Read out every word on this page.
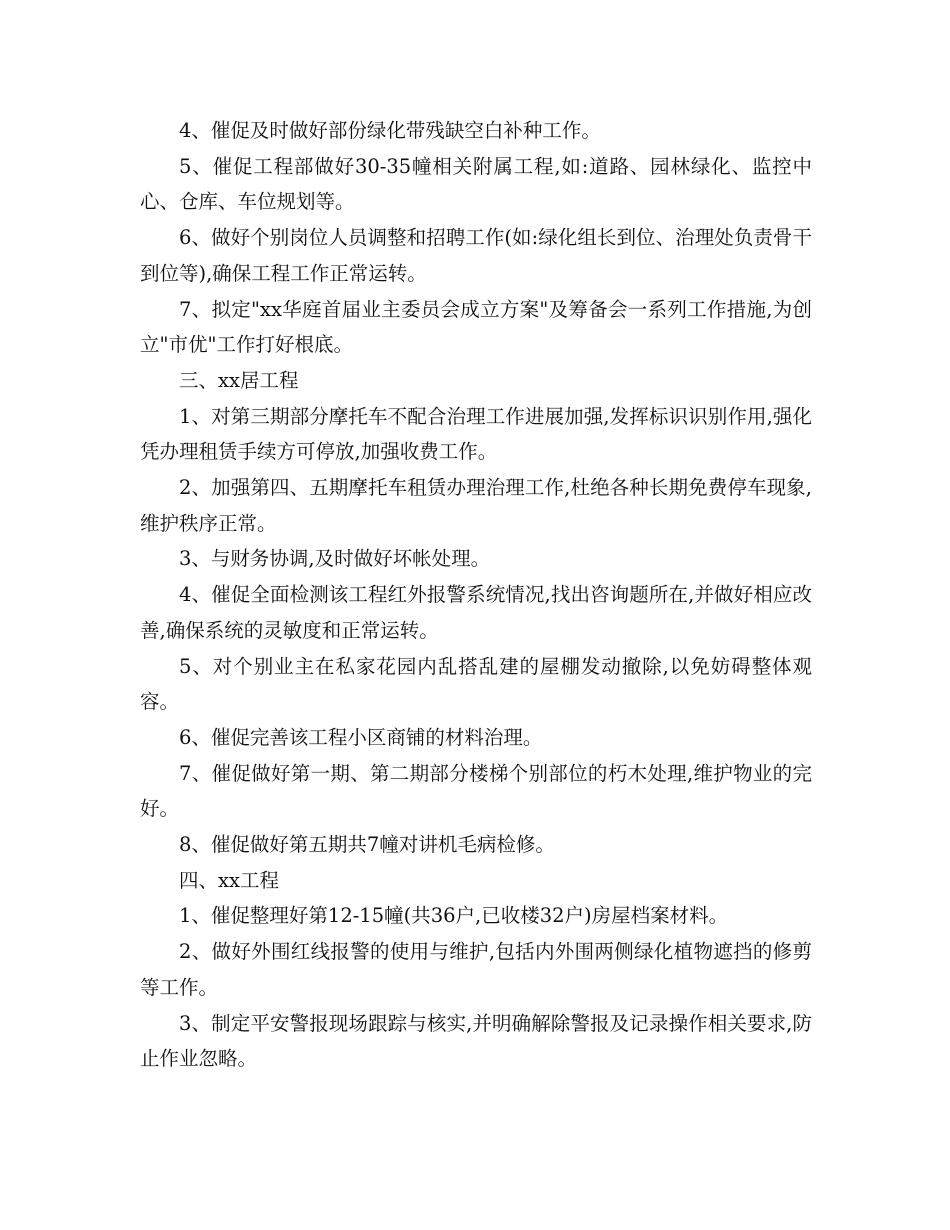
4、催促及时做好部份绿化带残缺空白补种工作。

5、催促工程部做好30-35幢相关附属工程,如:道路、园林绿化、监控中心、仓库、车位规划等。

6、做好个别岗位人员调整和招聘工作(如:绿化组长到位、治理处负责骨干到位等),确保工程工作正常运转。

7、拟定"xx华庭首届业主委员会成立方案"及筹备会一系列工作措施,为创立"市优"工作打好根底。

三、xx居工程

1、对第三期部分摩托车不配合治理工作进展加强,发挥标识识别作用,强化凭办理租赁手续方可停放,加强收费工作。

2、加强第四、五期摩托车租赁办理治理工作,杜绝各种长期免费停车现象,维护秩序正常。

3、与财务协调,及时做好坏帐处理。

4、催促全面检测该工程红外报警系统情况,找出咨询题所在,并做好相应改善,确保系统的灵敏度和正常运转。

5、对个别业主在私家花园内乱搭乱建的屋棚发动撤除,以免妨碍整体观容。

6、催促完善该工程小区商铺的材料治理。

7、催促做好第一期、第二期部分楼梯个别部位的朽木处理,维护物业的完好。

8、催促做好第五期共7幢对讲机毛病检修。

四、xx工程

1、催促整理好第12-15幢(共36户,已收楼32户)房屋档案材料。

2、做好外围红线报警的使用与维护,包括内外围两侧绿化植物遮挡的修剪等工作。

3、制定平安警报现场跟踪与核实,并明确解除警报及记录操作相关要求,防止作业忽略。
